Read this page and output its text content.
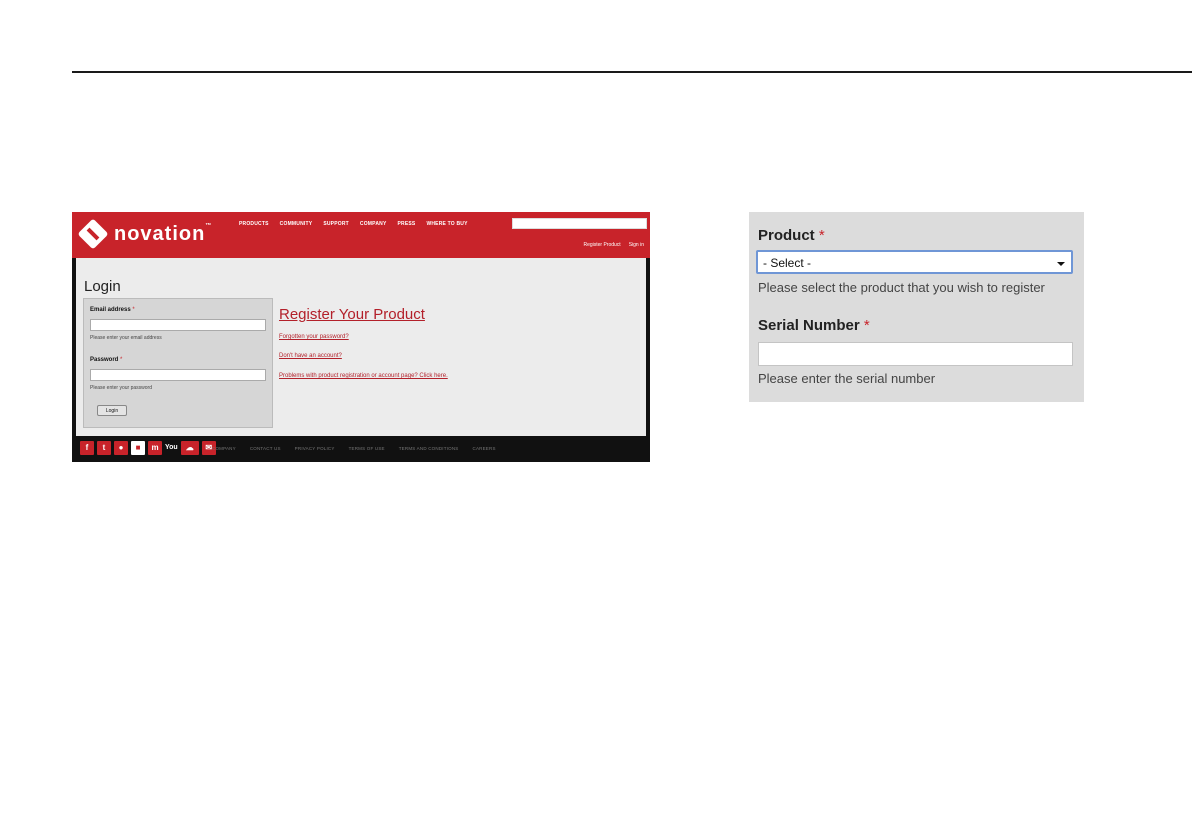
novation™	PRODUCTS COMMUNITY SUPPORT COMPANY PRESS WHERE TO BUY
Register Product Sign in
Login
Email address *
Please enter your email address
Password *
Please enter your password
Login
Register Your Product
Forgotten your password?
Don't have an account?
Problems with product registration or account page? Click here.
f	t	●	■	m You	☁	✉ COMPANY	CONTACT US	PRIVACY POLICY	TERMS OF USE	TERMS AND CONDITIONS	CAREERS
Product *
- Select -
Please select the product that you wish to register
Serial Number *
Please enter the serial number
